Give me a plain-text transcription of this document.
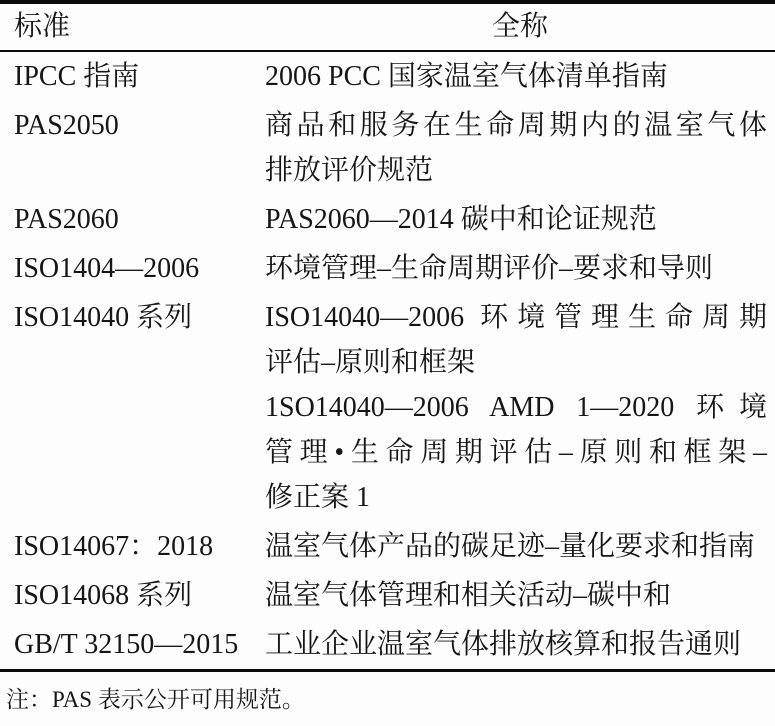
标准	全称
IPCC 指南	2006 PCC 国家温室气体清单指南

PAS2050	商品和服务在生命周期内的温室气体
排放评价规范

PAS2060	PAS2060—2014 碳中和论证规范

ISO1404—2006	环境管理–生命周期评价–要求和导则

ISO14040 系列	ISO14040—2006 环境管理生命周期
评估–原则和框架
1SO14040—2006 AMD 1—2020 环境
管理•生命周期评估–原则和框架–
修正案 1

ISO14067：2018	温室气体产品的碳足迹–量化要求和指南

ISO14068 系列	温室气体管理和相关活动–碳中和

GB/T 32150—2015	工业企业温室气体排放核算和报告通则
注：PAS 表示公开可用规范。
